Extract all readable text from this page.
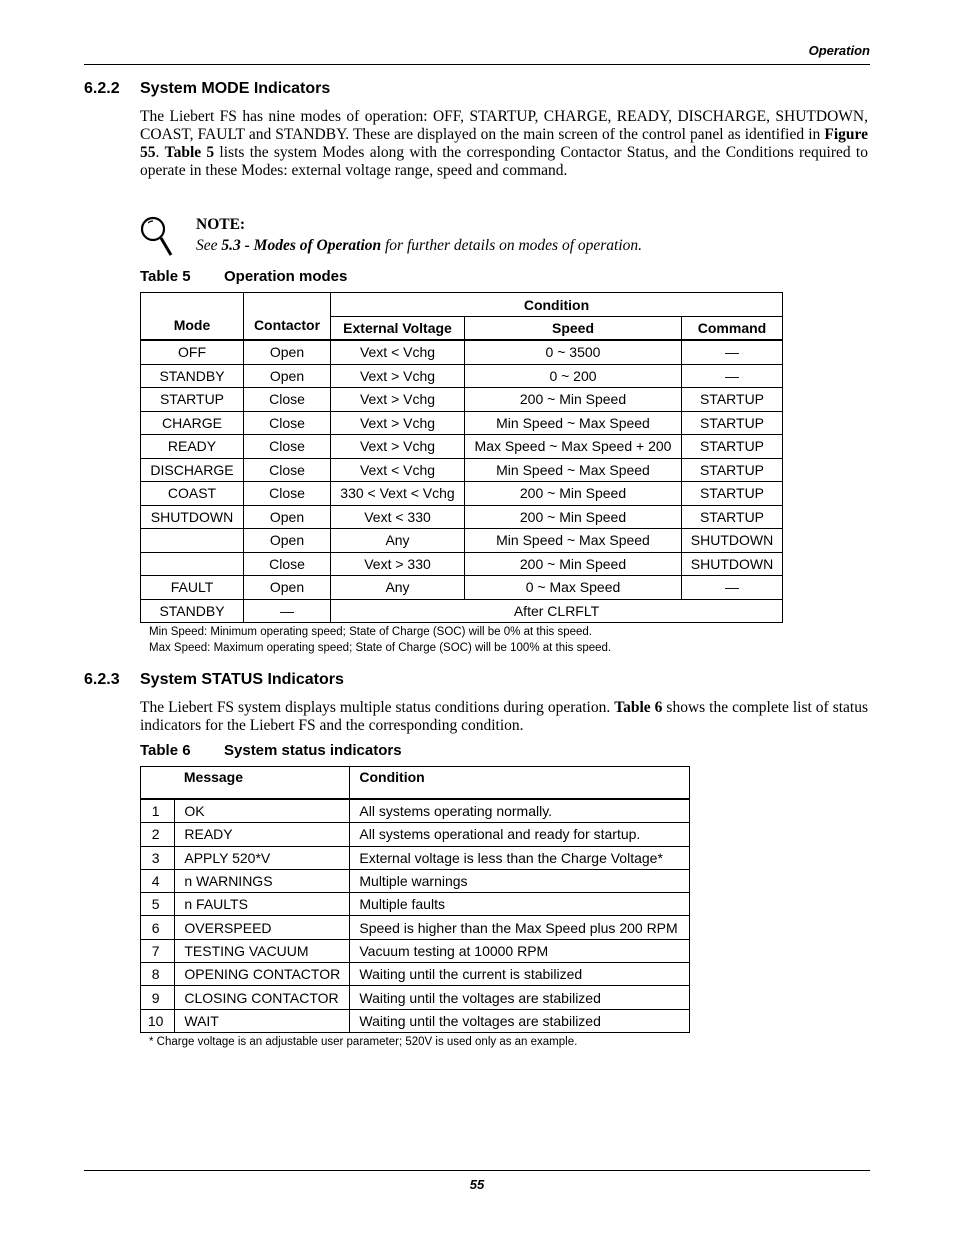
Operation
6.2.2 System MODE Indicators

The Liebert FS has nine modes of operation: OFF, STARTUP, CHARGE, READY, DISCHARGE, SHUTDOWN, COAST, FAULT and STANDBY. These are displayed on the main screen of the control panel as identified in Figure 55. Table 5 lists the system Modes along with the corresponding Contactor Status, and the Conditions required to operate in these Modes: external voltage range, speed and command.

NOTE:
See 5.3 - Modes of Operation for further details on modes of operation.
Table 5 Operation modes
Mode	Contactor	Condition		
		External Voltage	Speed	Command
OFF	Open	Vext < Vchg	0 ~ 3500	—
STANDBY	Open	Vext > Vchg	0 ~ 200	—
STARTUP	Close	Vext > Vchg	200 ~ Min Speed	STARTUP
CHARGE	Close	Vext > Vchg	Min Speed ~ Max Speed	STARTUP
READY	Close	Vext > Vchg	Max Speed ~ Max Speed + 200	STARTUP
DISCHARGE	Close	Vext < Vchg	Min Speed ~ Max Speed	STARTUP
COAST	Close	330 < Vext < Vchg	200 ~ Min Speed	STARTUP
SHUTDOWN	Open	Vext < 330	200 ~ Min Speed	STARTUP
	Open	Any	Min Speed ~ Max Speed	SHUTDOWN
	Close	Vext > 330	200 ~ Min Speed	SHUTDOWN
FAULT	Open	Any	0 ~ Max Speed	—
STANDBY	—	After CLRFLT		
Min Speed: Minimum operating speed; State of Charge (SOC) will be 0% at this speed.
Max Speed: Maximum operating speed; State of Charge (SOC) will be 100% at this speed.
6.2.3 System STATUS Indicators

The Liebert FS system displays multiple status conditions during operation. Table 6 shows the complete list of status indicators for the Liebert FS and the corresponding condition.

Table 6 System status indicators
	Message	Condition
1	OK	All systems operating normally.
2	READY	All systems operational and ready for startup.
3	APPLY 520*V	External voltage is less than the Charge Voltage*
4	n WARNINGS	Multiple warnings
5	n FAULTS	Multiple faults
6	OVERSPEED	Speed is higher than the Max Speed plus 200 RPM
7	TESTING VACUUM	Vacuum testing at 10000 RPM
8	OPENING CONTACTOR	Waiting until the current is stabilized
9	CLOSING CONTACTOR	Waiting until the voltages are stabilized
10	WAIT	Waiting until the voltages are stabilized
* Charge voltage is an adjustable user parameter; 520V is used only as an example.
55
